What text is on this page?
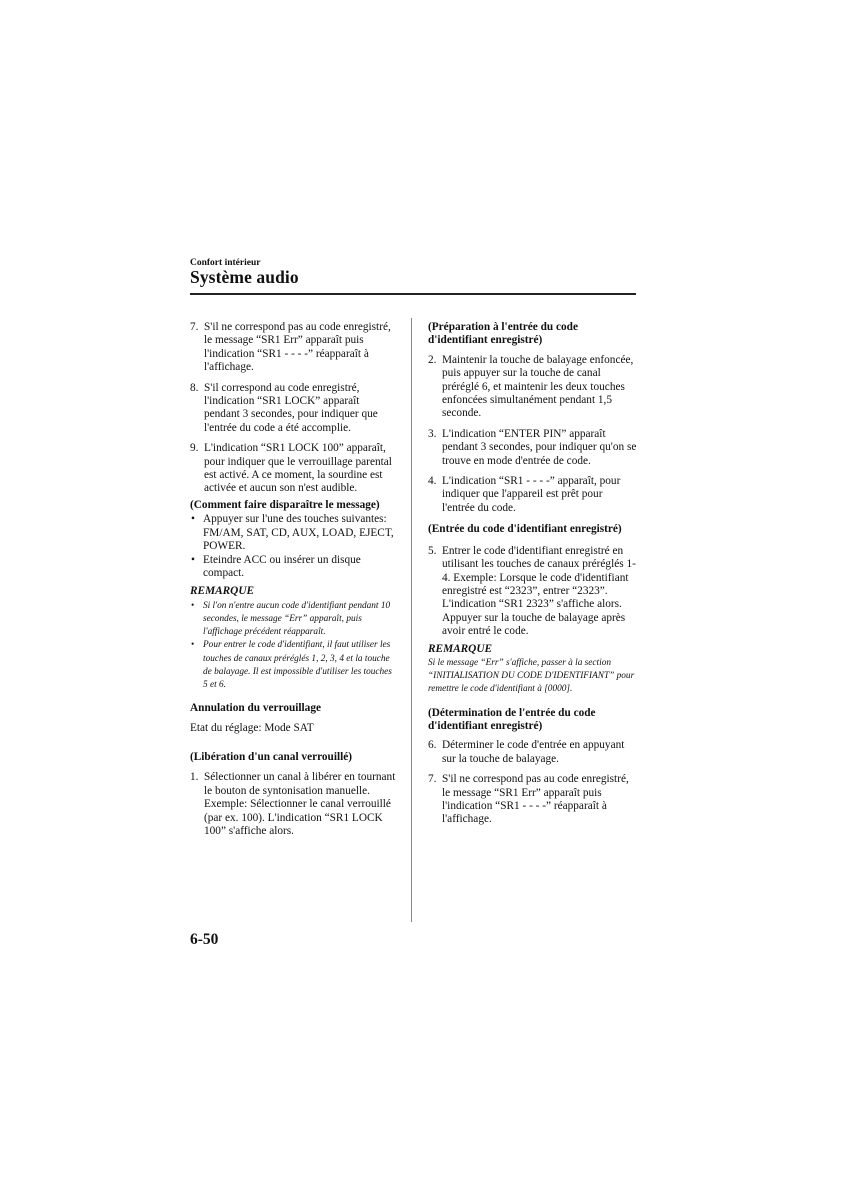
Confort intérieur
Système audio
7. S'il ne correspond pas au code enregistré, le message “SR1 Err” apparaît puis l'indication “SR1 - - - -” réapparaît à l'affichage.
8. S'il correspond au code enregistré, l'indication “SR1 LOCK” apparaît pendant 3 secondes, pour indiquer que l'entrée du code a été accomplie.
9. L'indication “SR1 LOCK 100” apparaît, pour indiquer que le verrouillage parental est activé. A ce moment, la sourdine est activée et aucun son n'est audible.
(Comment faire disparaître le message)
• Appuyer sur l'une des touches suivantes: FM/AM, SAT, CD, AUX, LOAD, EJECT, POWER.
• Eteindre ACC ou insérer un disque compact.
REMARQUE
• Si l'on n'entre aucun code d'identifiant pendant 10 secondes, le message “Err” apparaît, puis l'affichage précédent réapparaît.
• Pour entrer le code d'identifiant, il faut utiliser les touches de canaux préréglés 1, 2, 3, 4 et la touche de balayage. Il est impossible d'utiliser les touches 5 et 6.
Annulation du verrouillage
Etat du réglage: Mode SAT
(Libération d'un canal verrouillé)
1. Sélectionner un canal à libérer en tournant le bouton de syntonisation manuelle. Exemple: Sélectionner le canal verrouillé (par ex. 100). L'indication “SR1 LOCK 100” s'affiche alors.
(Préparation à l'entrée du code d'identifiant enregistré)
2. Maintenir la touche de balayage enfoncée, puis appuyer sur la touche de canal préréglé 6, et maintenir les deux touches enfoncées simultanément pendant 1,5 seconde.
3. L'indication “ENTER PIN” apparaît pendant 3 secondes, pour indiquer qu'on se trouve en mode d'entrée de code.
4. L'indication “SR1 - - - -” apparaît, pour indiquer que l'appareil est prêt pour l'entrée du code.
(Entrée du code d'identifiant enregistré)
5. Entrer le code d'identifiant enregistré en utilisant les touches de canaux préréglés 1-4. Exemple: Lorsque le code d'identifiant enregistré est “2323”, entrer “2323”. L'indication “SR1 2323” s'affiche alors. Appuyer sur la touche de balayage après avoir entré le code.
REMARQUE
Si le message “Err” s'affiche, passer à la section “INITIALISATION DU CODE D'IDENTIFIANT” pour remettre le code d'identifiant à [0000].
(Détermination de l'entrée du code d'identifiant enregistré)
6. Déterminer le code d'entrée en appuyant sur la touche de balayage.
7. S'il ne correspond pas au code enregistré, le message “SR1 Err” apparaît puis l'indication “SR1 - - - -” réapparaît à l'affichage.
6-50
